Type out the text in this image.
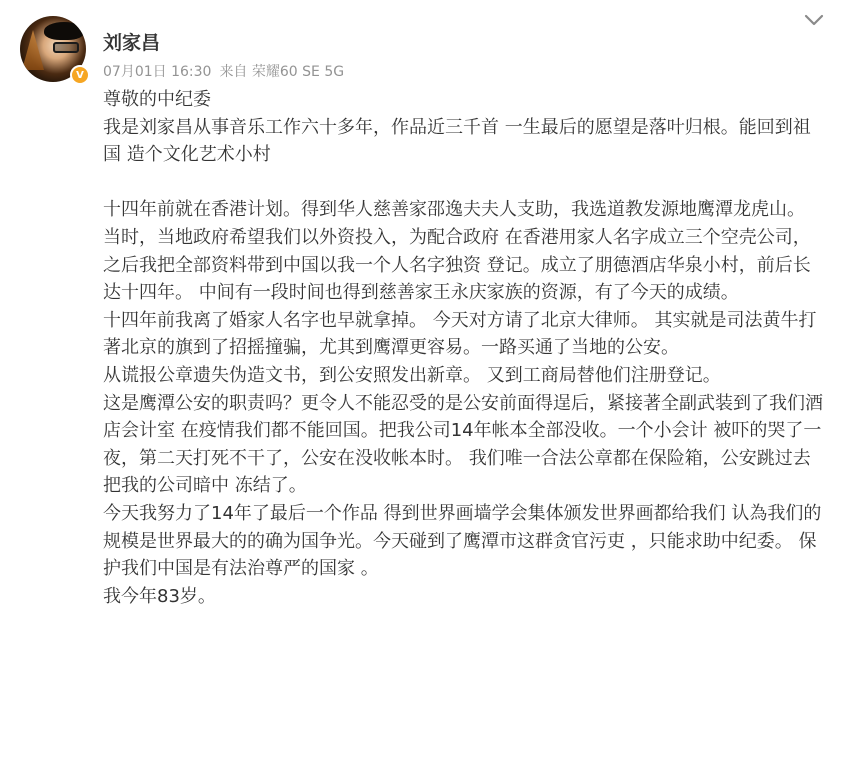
V
刘家昌
07月01日 16:30 来自 荣耀60 SE 5G

尊敬的中纪委

我是刘家昌从事音乐工作六十多年，作品近三千首 一生最后的愿望是落叶归根。能回到祖国 造个文化艺术小村

十四年前就在香港计划。得到华人慈善家邵逸夫夫人支助，我选道教发源地鹰潭龙虎山。

当时，当地政府希望我们以外资投入，为配合政府 在香港用家人名字成立三个空壳公司，

之后我把全部资料带到中国以我一个人名字独资 登记。成立了朋德酒店华泉小村，前后长达十四年。 中间有一段时间也得到慈善家王永庆家族的资源，有了今天的成绩。

十四年前我离了婚家人名字也早就拿掉。 今天对方请了北京大律师。 其实就是司法黄牛打著北京的旗到了招摇撞骗，尤其到鹰潭更容易。一路买通了当地的公安。

从谎报公章遗失伪造文书，到公安照发出新章。 又到工商局替他们注册登记。

这是鹰潭公安的职责吗？更令人不能忍受的是公安前面得逞后，紧接著全副武装到了我们酒店会计室 在疫情我们都不能回国。把我公司14年帐本全部没收。一个小会计 被吓的哭了一夜，第二天打死不干了，公安在没收帐本时。 我们唯一合法公章都在保险箱，公安跳过去把我的公司暗中 冻结了。

今天我努力了14年了最后一个作品 得到世界画墙学会集体颁发世界画都给我们 认為我们的规模是世界最大的的确为国争光。今天碰到了鹰潭市这群贪官污吏 ，只能求助中纪委。 保护我们中国是有法治尊严的国家 。

我今年83岁。
